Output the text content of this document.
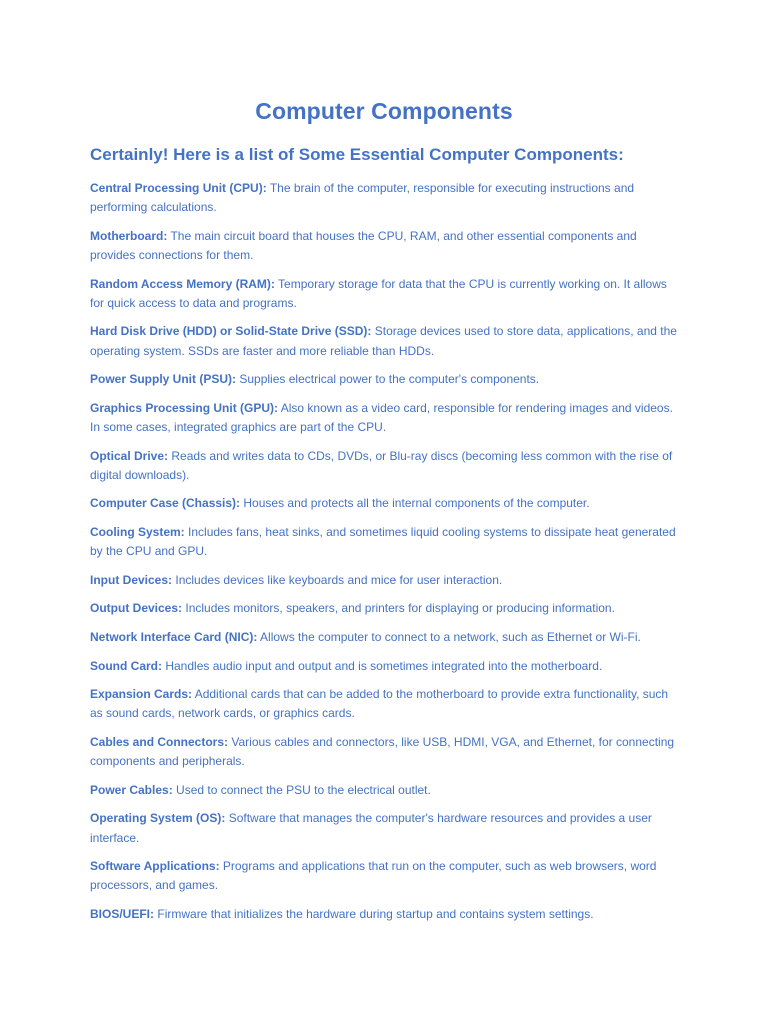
Computer Components
Certainly! Here is a list of Some Essential Computer Components:
Central Processing Unit (CPU): The brain of the computer, responsible for executing instructions and performing calculations.
Motherboard: The main circuit board that houses the CPU, RAM, and other essential components and provides connections for them.
Random Access Memory (RAM): Temporary storage for data that the CPU is currently working on. It allows for quick access to data and programs.
Hard Disk Drive (HDD) or Solid-State Drive (SSD): Storage devices used to store data, applications, and the operating system. SSDs are faster and more reliable than HDDs.
Power Supply Unit (PSU): Supplies electrical power to the computer's components.
Graphics Processing Unit (GPU): Also known as a video card, responsible for rendering images and videos. In some cases, integrated graphics are part of the CPU.
Optical Drive: Reads and writes data to CDs, DVDs, or Blu-ray discs (becoming less common with the rise of digital downloads).
Computer Case (Chassis): Houses and protects all the internal components of the computer.
Cooling System: Includes fans, heat sinks, and sometimes liquid cooling systems to dissipate heat generated by the CPU and GPU.
Input Devices: Includes devices like keyboards and mice for user interaction.
Output Devices: Includes monitors, speakers, and printers for displaying or producing information.
Network Interface Card (NIC): Allows the computer to connect to a network, such as Ethernet or Wi-Fi.
Sound Card: Handles audio input and output and is sometimes integrated into the motherboard.
Expansion Cards: Additional cards that can be added to the motherboard to provide extra functionality, such as sound cards, network cards, or graphics cards.
Cables and Connectors: Various cables and connectors, like USB, HDMI, VGA, and Ethernet, for connecting components and peripherals.
Power Cables: Used to connect the PSU to the electrical outlet.
Operating System (OS): Software that manages the computer's hardware resources and provides a user interface.
Software Applications: Programs and applications that run on the computer, such as web browsers, word processors, and games.
BIOS/UEFI: Firmware that initializes the hardware during startup and contains system settings.
